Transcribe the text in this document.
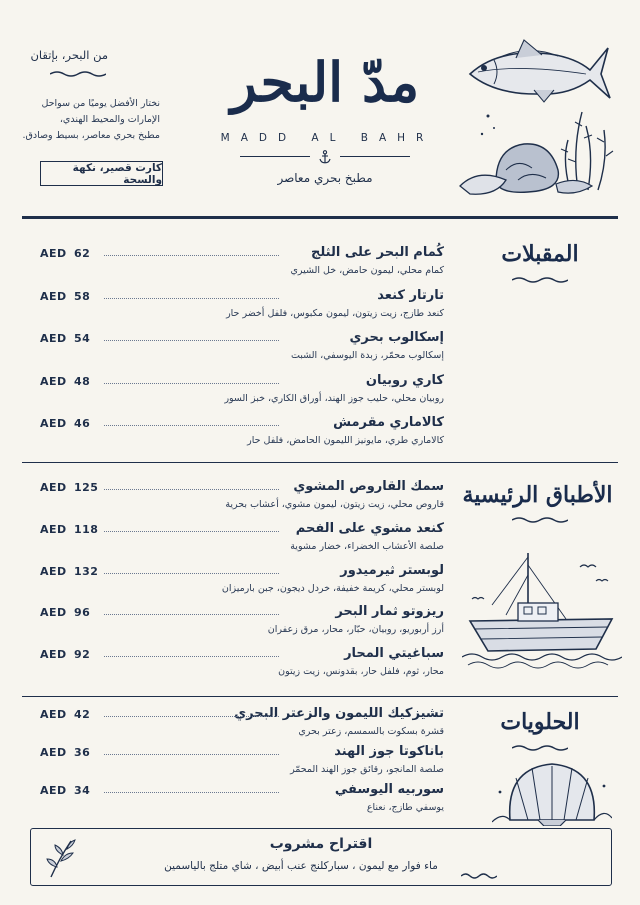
من البحر، بإتقان
نختار الأفضل يوميًا من سواحل
الإمارات والمحيط الهندي،
مطبخ بحري معاصر، بسيط وصادق.
كارت قصير، نكهة والسحة
مدّ البحر
MADD AL BAHR
مطبخ بحري معاصر
المقبلات
كُمام البحر على الثلج
كمام محلي، ليمون حامض، خل الشيري
AED 62
تارتار كنعد
كنعد طازج، زيت زيتون، ليمون مكبوس، فلفل أخضر حار
AED 58
إسكالوب بحري
إسكالوب محمّر، زبدة اليوسفي، الشبت
AED 54
كاري روبيان
روبيان محلي، حليب جوز الهند، أوراق الكاري، خبز السور
AED 48
كالاماري مقرمش
كالاماري طري، مايونيز الليمون الحامض، فلفل حار
AED 46
الأطباق الرئيسية
سمك القاروص المشوي
قاروص محلي، زيت زيتون، ليمون مشوي، أعشاب بحرية
AED 125
كنعد مشوي على الفحم
صلصة الأعشاب الخضراء، خضار مشوية
AED 118
لوبستر ثيرميدور
لوبستر محلي، كريمة خفيفة، خردل ديجون، جبن بارميزان
AED 132
ريزوتو ثمار البحر
أرز أربوريو، روبيان، حبّار، محار، مرق زعفران
AED 96
سباغيتي المحار
محار، ثوم، فلفل حار، بقدونس، زيت زيتون
AED 92
الحلويات
تشيزكيك الليمون والزعتر البحري
قشرة بسكوت بالسمسم، زعتر بحري
AED 42
باناكوتا جوز الهند
صلصة المانجو، رقائق جوز الهند المحمّر
AED 36
سوربيه اليوسفي
يوسفي طازج، نعناع
AED 34
اقتراح مشروب
ماء فوار مع ليمون ، سباركلنج عنب أبيض ، شاي متلج بالياسمين
